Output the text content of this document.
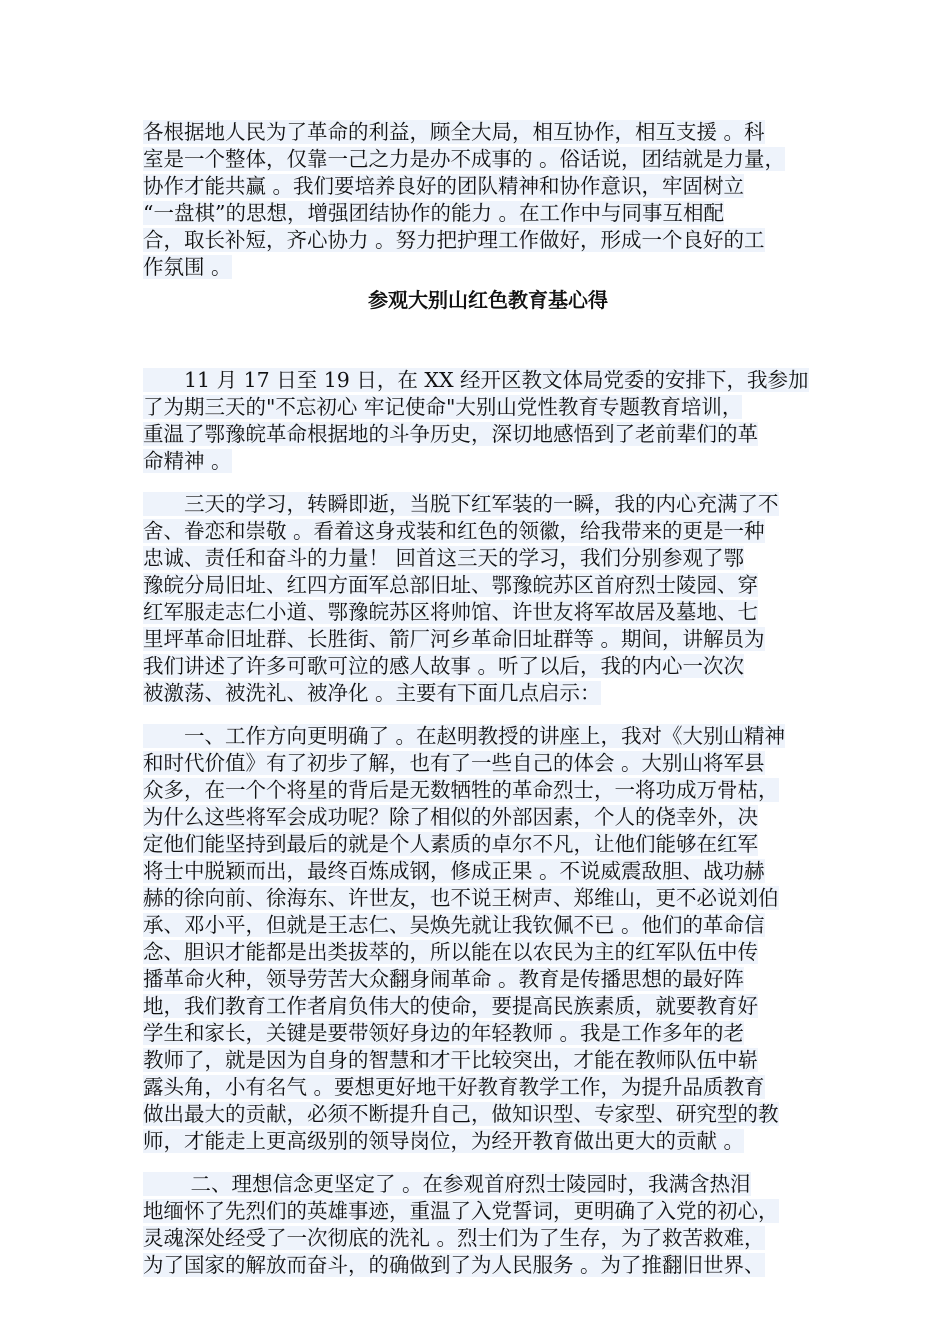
各根据地人民为了革命的利益，顾全大局，相互协作，相互支援 。科
室是一个整体，仅靠一己之力是办不成事的 。俗话说，团结就是力量，
协作才能共赢 。我们要培养良好的团队精神和协作意识，牢固树立
“一盘棋”的思想，增强团结协作的能力 。在工作中与同事互相配
合，取长补短，齐心协力 。努力把护理工作做好，形成一个良好的工
作氛围 。

参观大别山红色教育基心得

　　11 月 17 日至 19 日，在 XX 经开区教文体局党委的安排下，我参加
了为期三天的"不忘初心 牢记使命"大别山党性教育专题教育培训，
重温了鄂豫皖革命根据地的斗争历史，深切地感悟到了老前辈们的革
命精神 。

　　三天的学习，转瞬即逝，当脱下红军装的一瞬，我的内心充满了不
舍、眷恋和崇敬 。看着这身戎装和红色的领徽，给我带来的更是一种
忠诚、责任和奋斗的力量！ 回首这三天的学习，我们分别参观了鄂
豫皖分局旧址、红四方面军总部旧址、鄂豫皖苏区首府烈士陵园、穿
红军服走志仁小道、鄂豫皖苏区将帅馆、许世友将军故居及墓地、七
里坪革命旧址群、长胜街、箭厂河乡革命旧址群等 。期间，讲解员为
我们讲述了许多可歌可泣的感人故事 。听了以后，我的内心一次次
被激荡、被洗礼、被净化 。主要有下面几点启示：

　　一、工作方向更明确了 。在赵明教授的讲座上，我对《大别山精神
和时代价值》有了初步了解，也有了一些自己的体会 。大别山将军县
众多，在一个个将星的背后是无数牺牲的革命烈士，一将功成万骨枯，
为什么这些将军会成功呢？除了相似的外部因素，个人的侥幸外，决
定他们能坚持到最后的就是个人素质的卓尔不凡，让他们能够在红军
将士中脱颖而出，最终百炼成钢，修成正果 。不说威震敌胆、战功赫
赫的徐向前、徐海东、许世友，也不说王树声、郑维山，更不必说刘伯
承、邓小平，但就是王志仁、吴焕先就让我钦佩不已 。他们的革命信
念、胆识才能都是出类拔萃的，所以能在以农民为主的红军队伍中传
播革命火种，领导劳苦大众翻身闹革命 。教育是传播思想的最好阵
地，我们教育工作者肩负伟大的使命，要提高民族素质，就要教育好
学生和家长，关键是要带领好身边的年轻教师 。我是工作多年的老
教师了，就是因为自身的智慧和才干比较突出，才能在教师队伍中崭
露头角，小有名气 。要想更好地干好教育教学工作，为提升品质教育
做出最大的贡献，必须不断提升自己，做知识型、专家型、研究型的教
师，才能走上更高级别的领导岗位，为经开教育做出更大的贡献 。

　　 二、理想信念更坚定了 。在参观首府烈士陵园时，我满含热泪
地缅怀了先烈们的英雄事迹，重温了入党誓词，更明确了入党的初心，
灵魂深处经受了一次彻底的洗礼 。烈士们为了生存，为了救苦救难，
为了国家的解放而奋斗，的确做到了为人民服务 。为了推翻旧世界、
